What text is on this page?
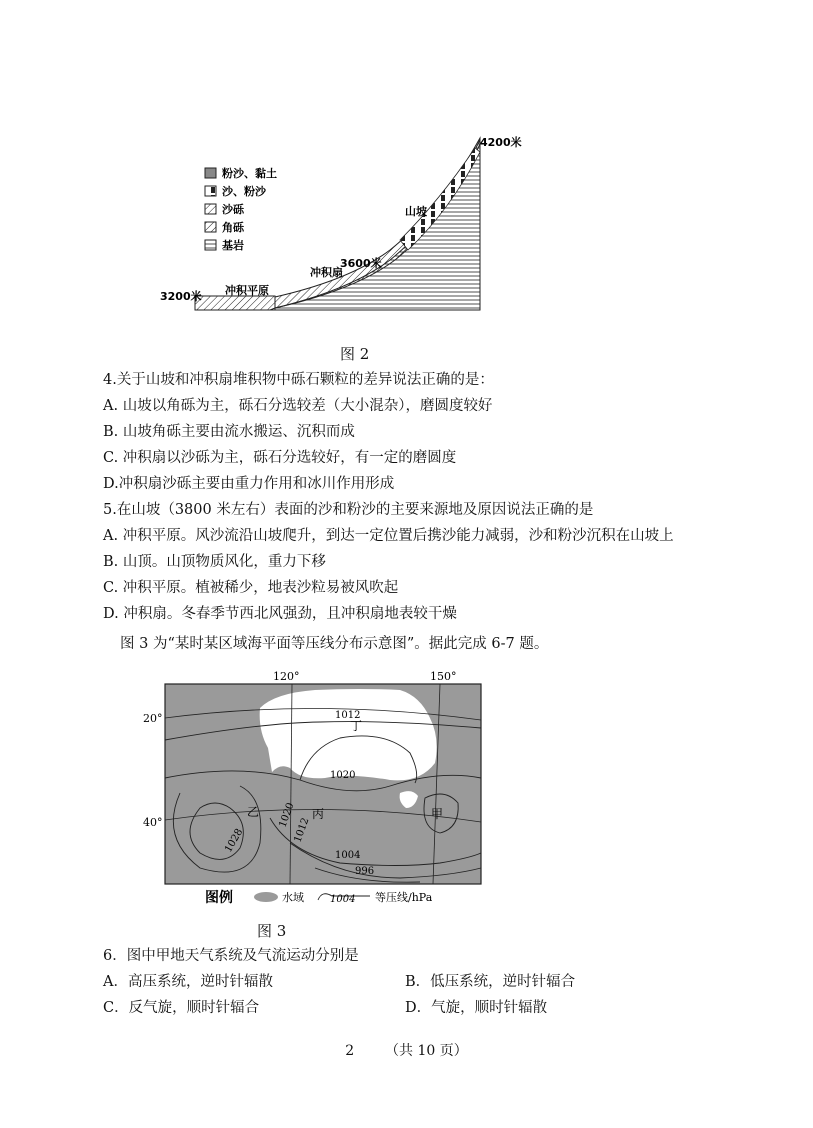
粉沙、黏土
沙、粉沙
沙砾
角砾
基岩
4200米
山坡
3600米
冲积扇
冲积平原
3200米
图 2
4.关于山坡和冲积扇堆积物中砾石颗粒的差异说法正确的是：
A. 山坡以角砾为主，砾石分选较差（大小混杂），磨圆度较好
B. 山坡角砾主要由流水搬运、沉积而成
C. 冲积扇以沙砾为主，砾石分选较好，有一定的磨圆度
D.冲积扇沙砾主要由重力作用和冰川作用形成
5.在山坡（3800 米左右）表面的沙和粉沙的主要来源地及原因说法正确的是
A. 冲积平原。风沙流沿山坡爬升，到达一定位置后携沙能力减弱，沙和粉沙沉积在山坡上
B. 山顶。山顶物质风化，重力下移
C. 冲积平原。植被稀少，地表沙粒易被风吹起
D. 冲积扇。冬春季节西北风强劲，且冲积扇地表较干燥
图 3 为“某时某区域海平面等压线分布示意图”。据此完成 6-7 题。
120°	150°
20°
40°
1012
1020
1020
1028	1012
1004
996
丁
乙	丙	甲
图例	水域	1004 等压线/hPa
图 3
6．图中甲地天气系统及气流运动分别是
A．高压系统，逆时针辐散	B．低压系统，逆时针辐合
C．反气旋，顺时针辐合	D．气旋，顺时针辐散
2 （共 10 页）
